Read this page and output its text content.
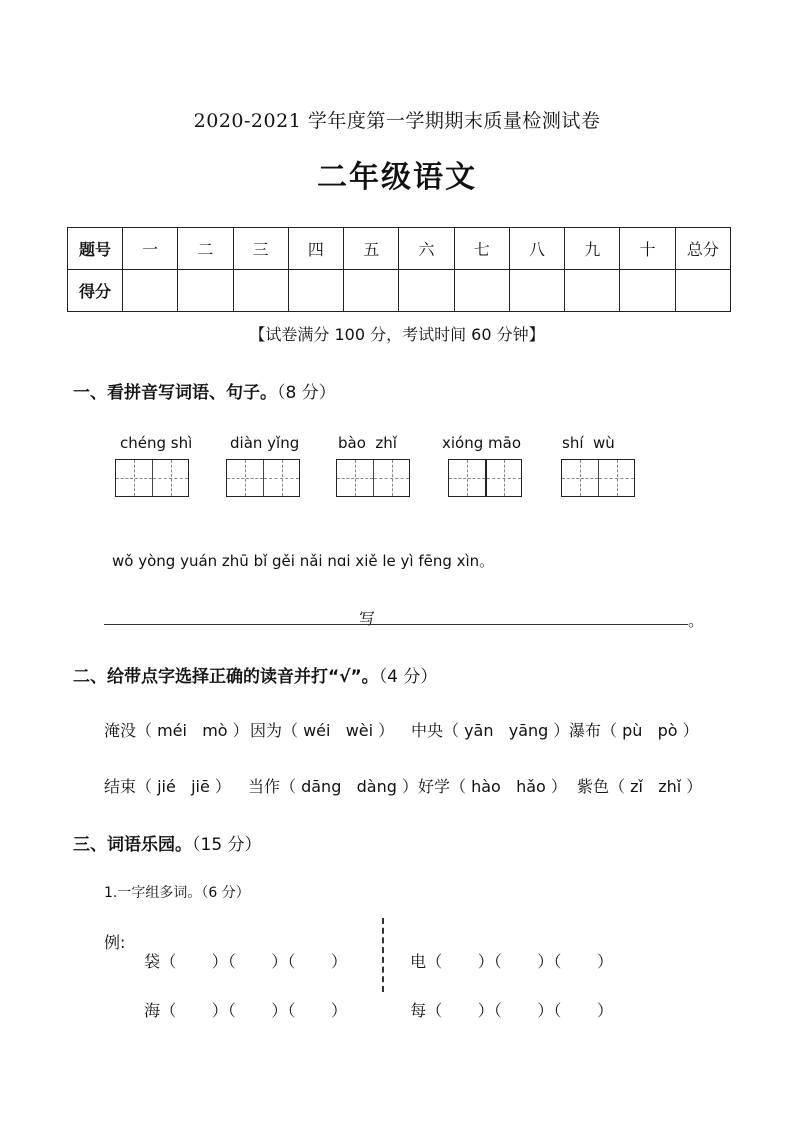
2020-2021 学年度第一学期期末质量检测试卷
二年级语文
题号	一	二	三	四	五	六	七	八	九	十	总分
得分											
【试卷满分 100 分，考试时间 60 分钟】
一、看拼音写词语、句子。（8 分）
chéng shì	diàn yǐng	bào  zhǐ	xióng māo	shí  wù
wǒ yòng yuán zhū bǐ gěi nǎi nɑi xiě le yì fēng xìn。
写	。
二、给带点字选择正确的读音并打“√”。（4 分）
淹没（ méi   mò ） 因为（ wéi   wèi ） 中央（ yān   yāng ） 瀑布（ pù   pò ）
结束（ jié   jiē ） 当作（ dāng   dàng ） 好学（ hào   hǎo ） 紫色（ zǐ   zhǐ ）
三、词语乐园。（15 分）
1.一字组多词。（6 分）
例:

袋（       ）（       ）（       ）

海（       ）（       ）（       ）

电（       ）（       ）（       ）

每（       ）（       ）（       ）
